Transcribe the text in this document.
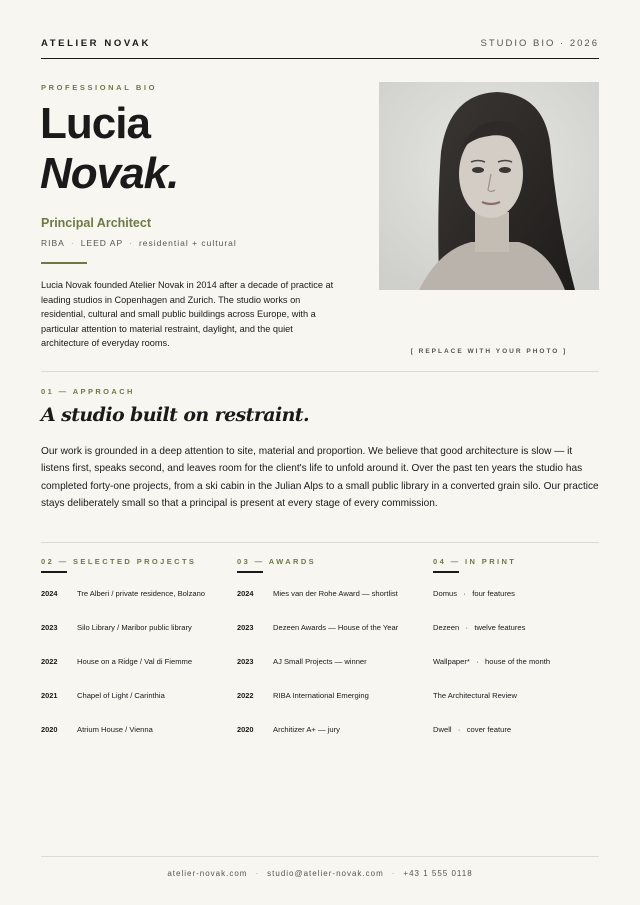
ATELIER NOVAK	STUDIO BIO · 2026
PROFESSIONAL BIO
Lucia
Novak.
Principal Architect
RIBA · LEED AP · residential + cultural
Lucia Novak founded Atelier Novak in 2014 after a decade of practice at leading studios in Copenhagen and Zurich. The studio works on residential, cultural and small public buildings across Europe, with a particular attention to material restraint, daylight, and the quiet architecture of everyday rooms.
[ REPLACE WITH YOUR PHOTO ]
01 — APPROACH
A studio built on restraint.
Our work is grounded in a deep attention to site, material and proportion. We believe that good architecture is slow — it listens first, speaks second, and leaves room for the client's life to unfold around it. Over the past ten years the studio has completed forty-one projects, from a ski cabin in the Julian Alps to a small public library in a converted grain silo. Our practice stays deliberately small so that a principal is present at every stage of every commission.
02 — SELECTED PROJECTS
2024	Tre Alberi / private residence, Bolzano
2023	Silo Library / Maribor public library
2022	House on a Ridge / Val di Fiemme
2021	Chapel of Light / Carinthia
2020	Atrium House / Vienna
03 — AWARDS
2024	Mies van der Rohe Award — shortlist
2023	Dezeen Awards — House of the Year
2023	AJ Small Projects — winner
2022	RIBA International Emerging
2020	Architizer A+ — jury
04 — IN PRINT
Domus   ·   four features
Dezeen   ·   twelve features
Wallpaper*   ·   house of the month
The Architectural Review
Dwell   ·   cover feature
atelier-novak.com · studio@atelier-novak.com · +43 1 555 0118
